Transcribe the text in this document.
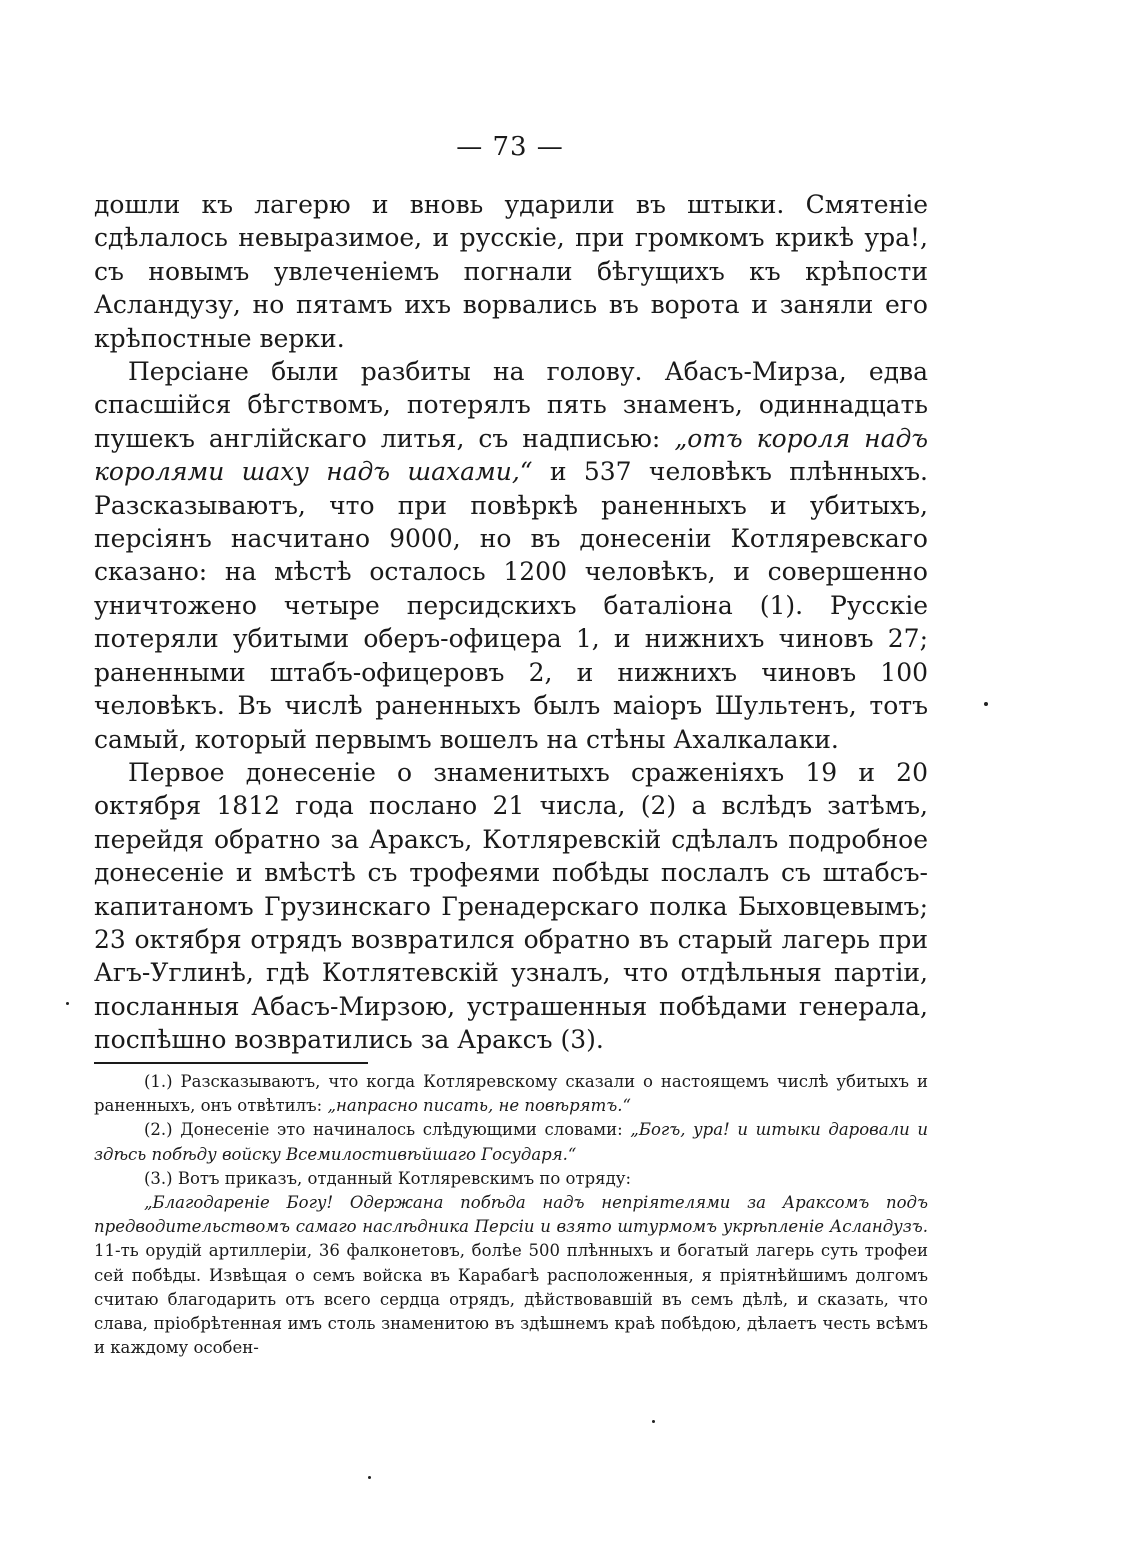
— 73 —

дошли къ лагерю и вновь ударили въ штыки. Смятеніе сдѣлалось невыразимое, и русскіе, при громкомъ крикѣ ура!, съ новымъ увлеченіемъ погнали бѣгущихъ къ крѣпости Асландузу, но пятамъ ихъ ворвались въ ворота и заняли его крѣпостные верки.

Персіане были разбиты на голову. Абасъ-Мирза, едва спасшійся бѣгствомъ, потерялъ пять знаменъ, одиннадцать пушекъ англійскаго литья, съ надписью: „отъ короля надъ королями шаху надъ шахами,“ и 537 человѣкъ плѣнныхъ. Разсказываютъ, что при повѣркѣ раненныхъ и убитыхъ, персіянъ насчитано 9000, но въ донесеніи Котляревскаго сказано: на мѣстѣ осталось 1200 человѣкъ, и совершенно уничтожено четыре персидскихъ баталіона (1). Русскіе потеряли убитыми оберъ-офицера 1, и нижнихъ чиновъ 27; раненными штабъ-офицеровъ 2, и нижнихъ чиновъ 100 человѣкъ. Въ числѣ раненныхъ былъ маіоръ Шультенъ, тотъ самый, который первымъ вошелъ на стѣны Ахалкалаки.

Первое донесеніе о знаменитыхъ сраженіяхъ 19 и 20 октября 1812 года послано 21 числа, (2) а вслѣдъ затѣмъ, перейдя обратно за Араксъ, Котляревскій сдѣлалъ подробное донесеніе и вмѣстѣ съ трофеями побѣды послалъ съ штабсъ-капитаномъ Грузинскаго Гренадерскаго полка Быховцевымъ; 23 октября отрядъ возвратился обратно въ старый лагерь при Агъ-Углинѣ, гдѣ Котлятевскій узналъ, что отдѣльныя партіи, посланныя Абасъ-Мирзою, устрашенныя побѣдами генерала, поспѣшно возвратились за Араксъ (3).

(1.) Разсказываютъ, что когда Котляревскому сказали о настоящемъ числѣ убитыхъ и раненныхъ, онъ отвѣтилъ: „напрасно писать, не повѣрятъ.“

(2.) Донесеніе это начиналось слѣдующими словами: „Богъ, ура! и штыки даровали и здѣсь побѣду войску Всемилостивѣйшаго Государя.“

(3.) Вотъ приказъ, отданный Котляревскимъ по отряду:

„Благодареніе Богу! Одержана побѣда надъ непріятелями за Араксомъ подъ предводительствомъ самаго наслѣдника Персіи и взято штурмомъ укрѣпленіе Асландузъ. 11-ть орудій артиллеріи, 36 фалконетовъ, болѣе 500 плѣнныхъ и богатый лагерь суть трофеи сей побѣды. Извѣщая о семъ войска въ Карабагѣ расположенныя, я пріятнѣйшимъ долгомъ считаю благодарить отъ всего сердца отрядъ, дѣйствовавшій въ семъ дѣлѣ, и сказать, что слава, пріобрѣтенная имъ столь знаменитою въ здѣшнемъ краѣ побѣдою, дѣлаетъ честь всѣмъ и каждому особен-
